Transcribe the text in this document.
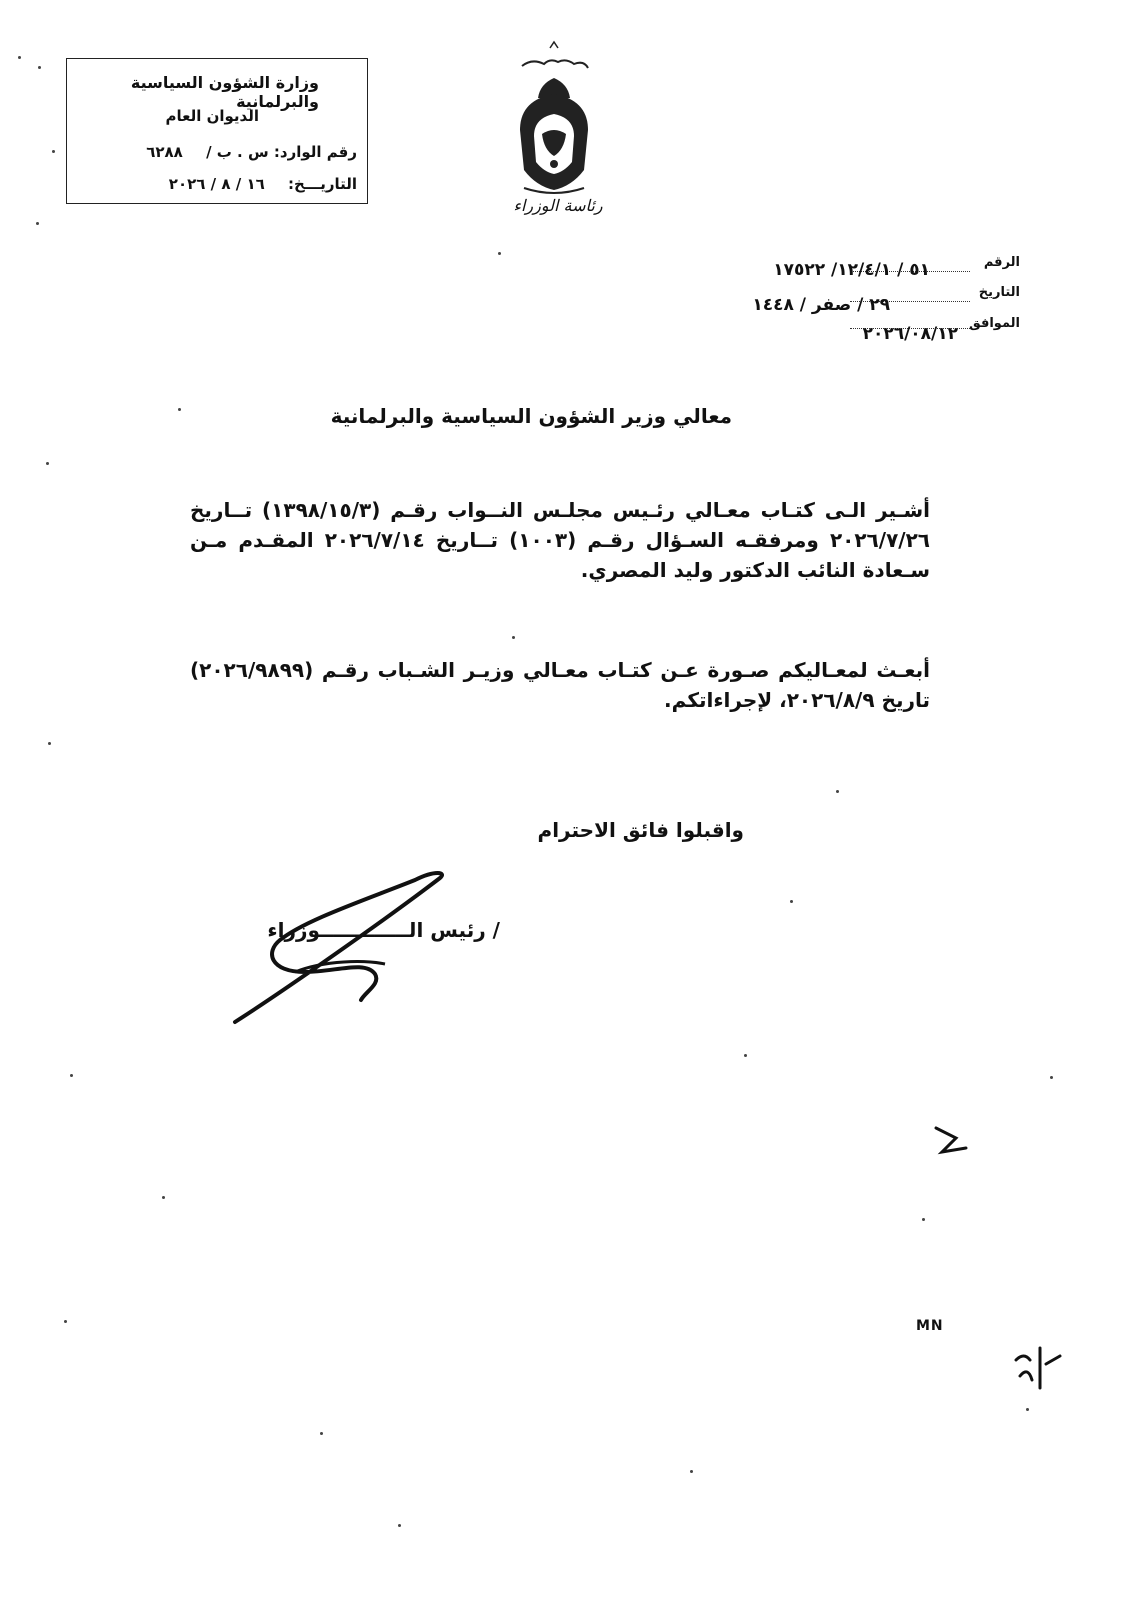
وزارة الشؤون السياسية والبرلمانية
الديوان العام
رقم الوارد: س . ب / ٦٢٨٨
التاريـــخ: ١٦ / ٨ / ٢٠٢٦
رئاسة الوزراء
الرقم
٥١ / ١٢/٤/١/ ١٧٥٢٢
التاريخ
٢٩ / صفر / ١٤٤٨
الموافق
٢٠٢٦/٠٨/١٢
معالي وزير الشؤون السياسية والبرلمانية
أشـير الـى كتـاب معـالي رئـيس مجلـس النــواب رقـم (١٣٩٨/١٥/٣) تــاريخ ٢٠٢٦/٧/٢٦ ومرفقـه السـؤال رقـم (١٠٠٣) تــاريخ ٢٠٢٦/٧/١٤ المقـدم مـن سـعادة النائب الدكتور وليد المصري.
أبعـث لمعـاليكم صـورة عـن كتـاب معـالي وزيـر الشـباب رقـم (٢٠٢٦/٩٨٩٩) تاريخ ٢٠٢٦/٨/٩، لإجراءاتكم.
واقبلوا فائق الاحترام
/ رئيس الـــــــــــــوزراء
MN
